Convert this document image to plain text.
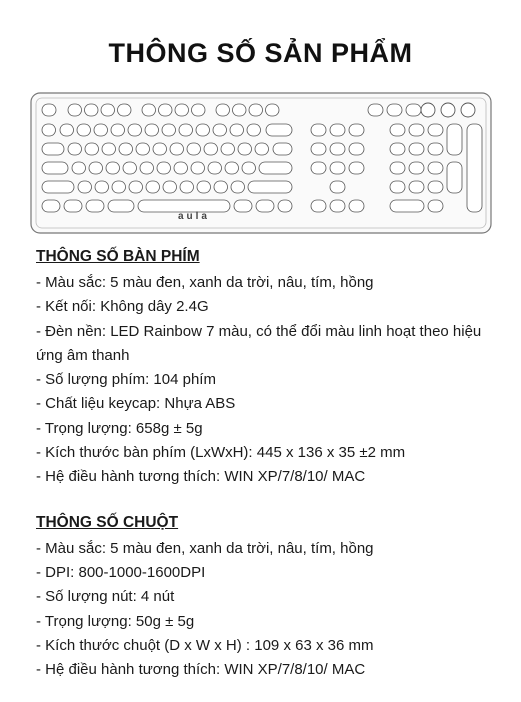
THÔNG SỐ SẢN PHẨM
aula
THÔNG SỐ BÀN PHÍM
- Màu sắc: 5 màu đen, xanh da trời, nâu, tím, hồng
- Kết nối: Không dây 2.4G
- Đèn nền: LED Rainbow 7 màu, có thể đổi màu linh hoạt theo hiệu ứng âm thanh
- Số lượng phím: 104 phím
- Chất liệu keycap: Nhựa ABS
- Trọng lượng: 658g ± 5g
- Kích thước bàn phím (LxWxH): 445 x 136 x 35 ±2 mm
- Hệ điều hành tương thích: WIN XP/7/8/10/ MAC
THÔNG SỐ CHUỘT
- Màu sắc: 5 màu đen, xanh da trời, nâu, tím, hồng
- DPI: 800-1000-1600DPI
- Số lượng nút: 4 nút
- Trọng lượng: 50g ± 5g
- Kích thước chuột (D x W x H) : 109 x 63 x 36 mm
- Hệ điều hành tương thích: WIN XP/7/8/10/ MAC
